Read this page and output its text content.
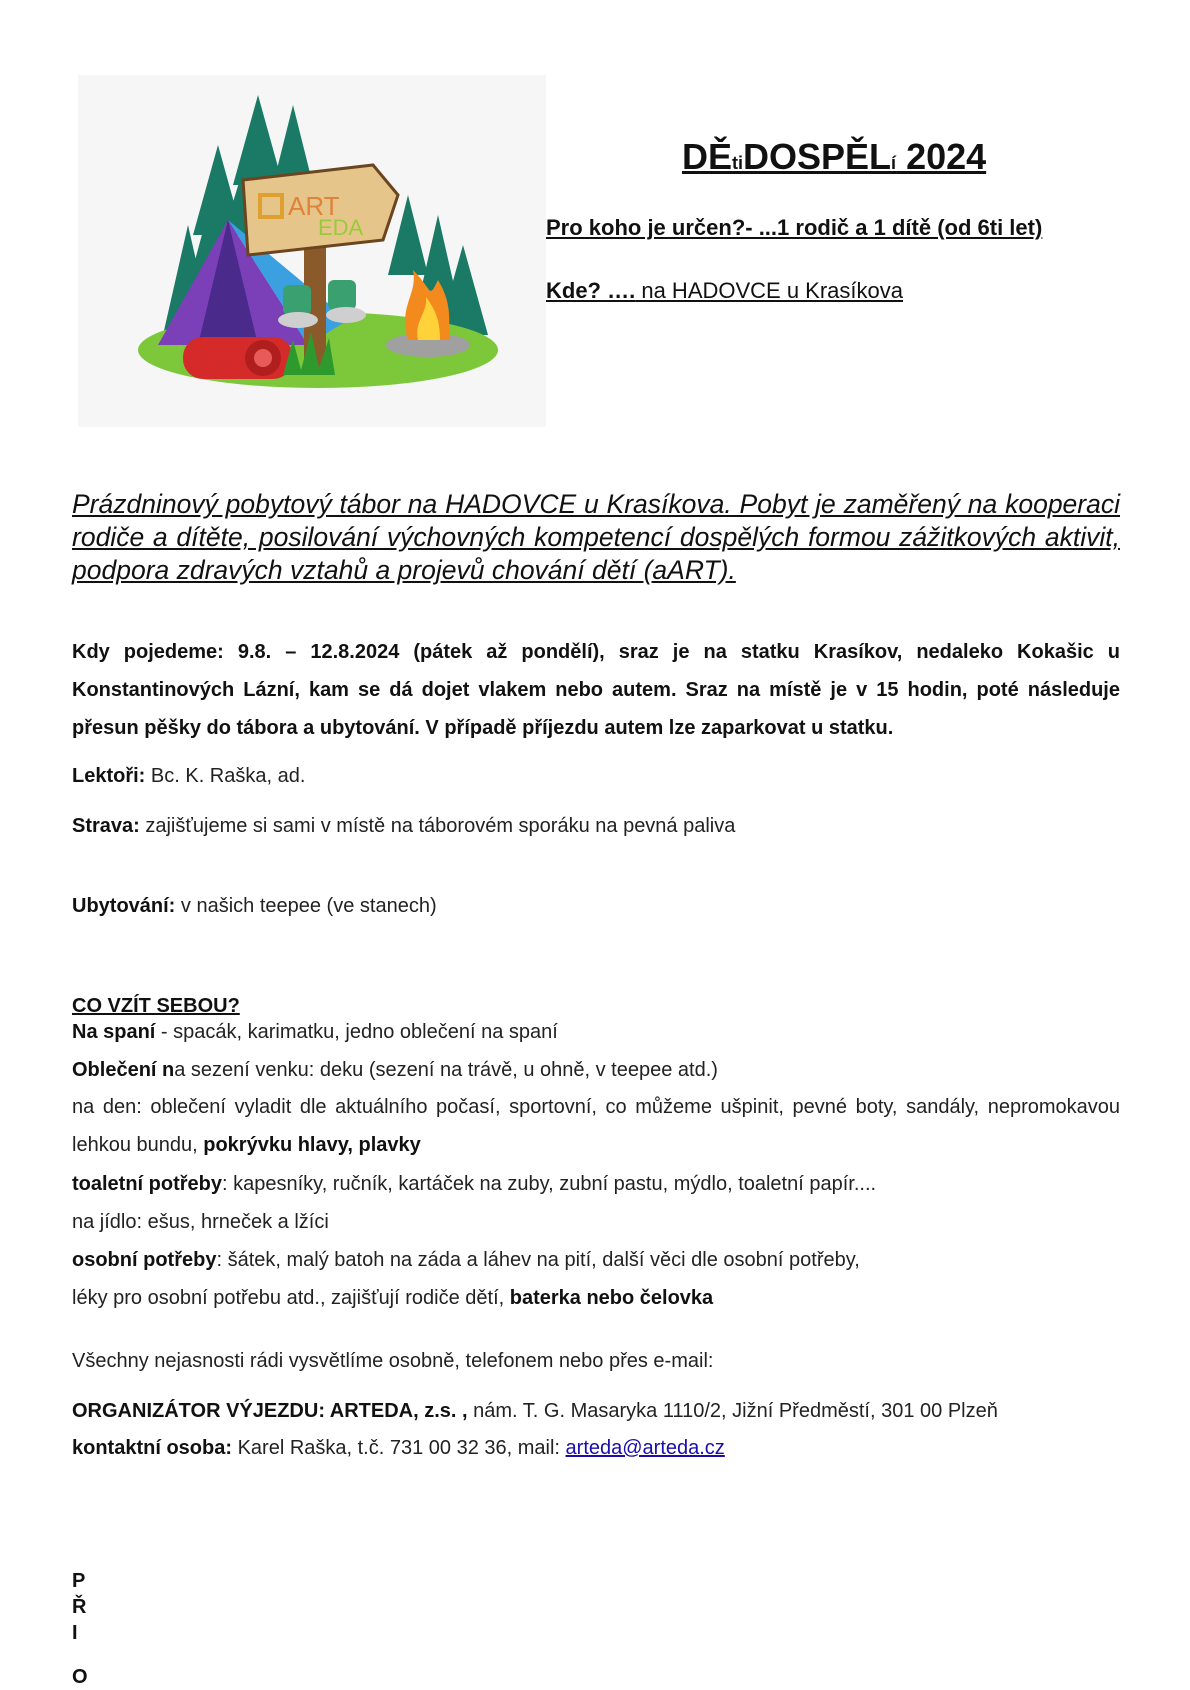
ART
EDA
DĚtiDOSPĚLí 2024
Pro koho je určen?- ...1 rodič a 1 dítě (od 6ti let)
Kde? …. na HADOVCE u Krasíkova
Prázdninový pobytový tábor na HADOVCE u Krasíkova. Pobyt je zaměřený na kooperaci rodiče a dítěte, posilování výchovných kompetencí dospělých formou zážitkových aktivit, podpora zdravých vztahů a projevů chování dětí (aART).
Kdy pojedeme: 9.8. – 12.8.2024 (pátek až pondělí), sraz je na statku Krasíkov, nedaleko Kokašic u Konstantinových Lázní, kam se dá dojet vlakem nebo autem. Sraz na místě je v 15 hodin, poté následuje přesun pěšky do tábora a ubytování. V případě příjezdu autem lze zaparkovat u statku.
Lektoři: Bc. K. Raška, ad.
Strava: zajišťujeme si sami v místě na táborovém sporáku na pevná paliva
Ubytování: v našich teepee (ve stanech)
CO VZÍT SEBOU?
Na spaní - spacák, karimatku, jedno oblečení na spaní
Oblečení na sezení venku: deku (sezení na trávě, u ohně, v teepee atd.)
na den: oblečení vyladit dle aktuálního počasí, sportovní, co můžeme ušpinit, pevné boty, sandály, nepromokavou lehkou bundu, pokrývku hlavy, plavky
toaletní potřeby: kapesníky, ručník, kartáček na zuby, zubní pastu, mýdlo, toaletní papír....
na jídlo: ešus, hrneček a lžíci
osobní potřeby: šátek, malý batoh na záda a láhev na pití, další věci dle osobní potřeby,
léky pro osobní potřebu atd., zajišťují rodiče dětí, baterka nebo čelovka
Všechny nejasnosti rádi vysvětlíme osobně, telefonem nebo přes e-mail:
ORGANIZÁTOR VÝJEZDU: ARTEDA, z.s. , nám. T. G. Masaryka 1110/2, Jižní Předměstí, 301 00 Plzeň
kontaktní osoba: Karel Raška, t.č. 731 00 32 36, mail: arteda@arteda.cz
P
Ř
I
O
